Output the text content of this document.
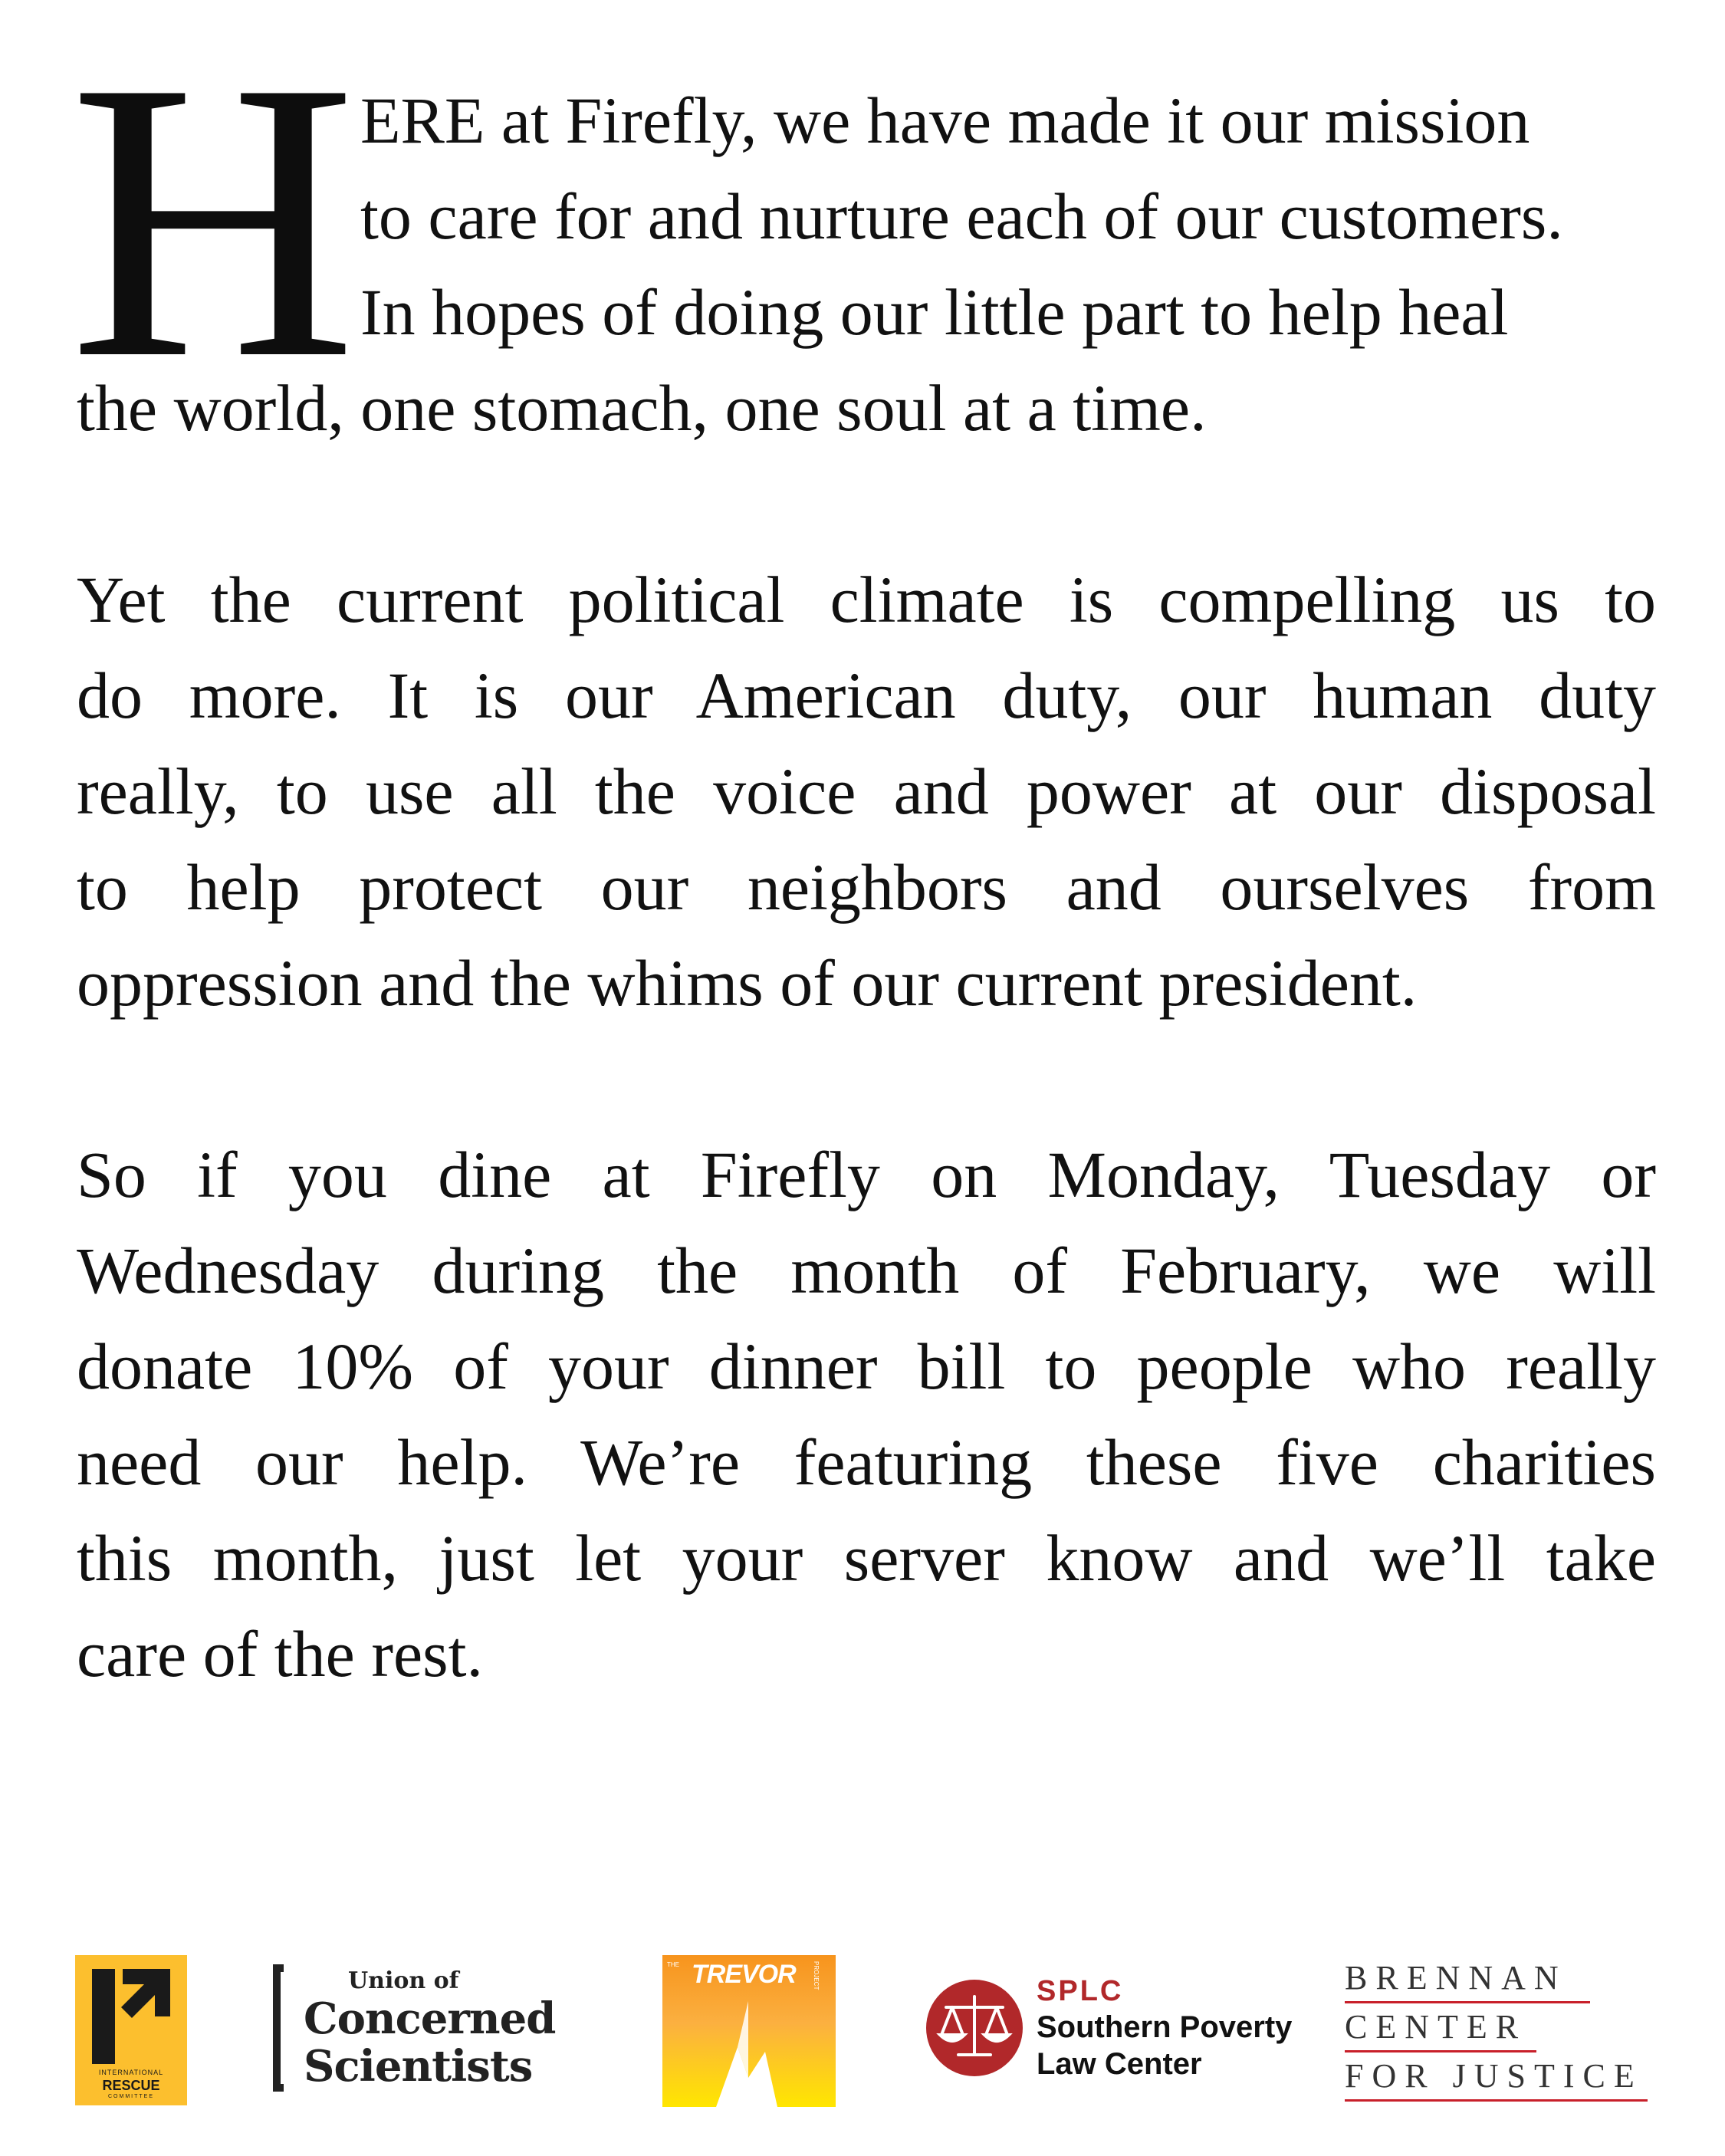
H ERE at Firefly, we have made it our mission
to care for and nurture each of our customers.
In hopes of doing our little part to help heal

the world, one stomach, one soul at a time.

Yet the current political climate is compelling us to
do more. It is our American duty, our human duty
really, to use all the voice and power at our disposal
to help protect our neighbors and ourselves from
oppression and the whims of our current president.

So if you dine at Firefly on Monday, Tuesday or
Wednesday during the month of February, we will
donate 10% of your dinner bill to people who really
need our help. We’re featuring these five charities
this month, just let your server know and we’ll take
care of the rest.

INTERNATIONAL
RESCUE
COMMITTEE
Union of
Concerned
Scientists
THE TREVOR	PROJECT	SPLC
Southern Poverty
Law Center
BRENNAN
CENTER
FOR JUSTICE
